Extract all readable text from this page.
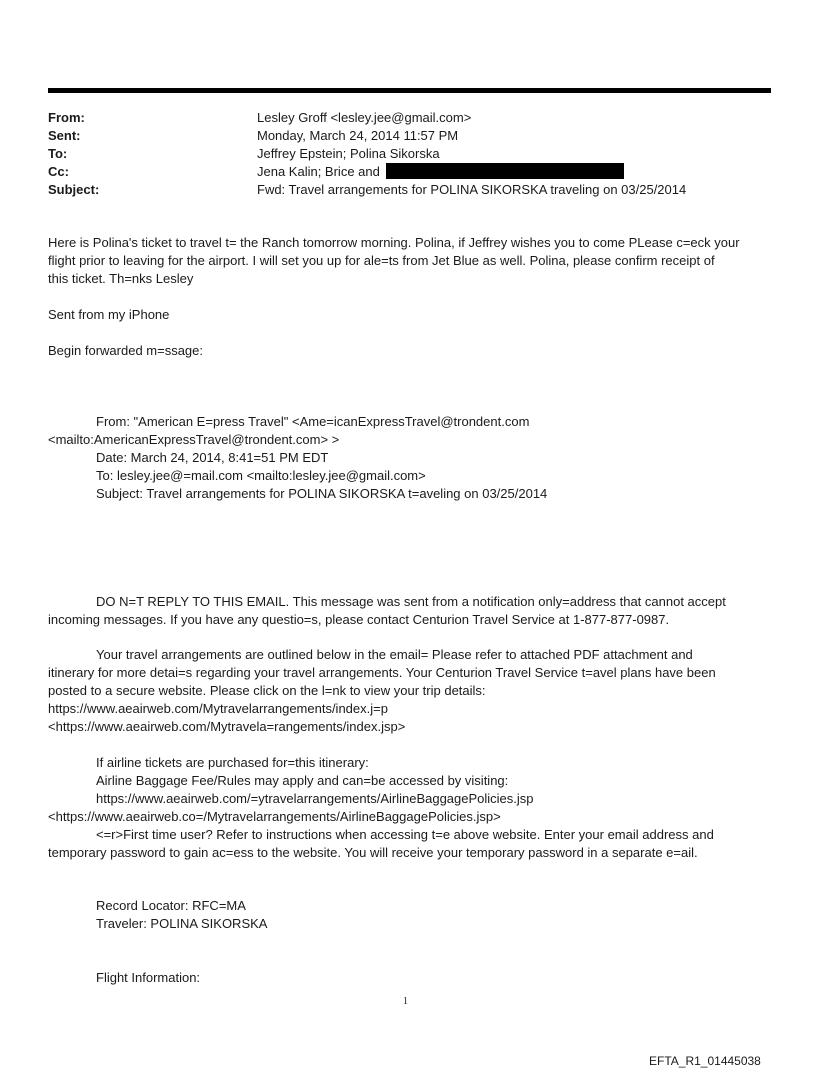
From:	Lesley Groff <lesley.jee@gmail.com>
Sent:	Monday, March 24, 2014 11:57 PM
To:	Jeffrey Epstein; Polina Sikorska
Cc:	Jena Kalin; Brice and
Subject:	Fwd: Travel arrangements for POLINA SIKORSKA traveling on 03/25/2014
Here is Polina's ticket to travel t= the Ranch tomorrow morning. Polina, if Jeffrey wishes you to come PLease c=eck your
flight prior to leaving for the airport. I will set you up for ale=ts from Jet Blue as well. Polina, please confirm receipt of
this ticket. Th=nks Lesley
Sent from my iPhone
Begin forwarded m=ssage:
From: "American E=press Travel" <Ame=icanExpressTravel@trondent.com
<mailto:AmericanExpressTravel@trondent.com> >
Date: March 24, 2014, 8:41=51 PM EDT
To: lesley.jee@=mail.com <mailto:lesley.jee@gmail.com>
Subject: Travel arrangements for POLINA SIKORSKA t=aveling on 03/25/2014
DO N=T REPLY TO THIS EMAIL. This message was sent from a notification only=address that cannot accept
incoming messages. If you have any questio=s, please contact Centurion Travel Service at 1-877-877-0987.
Your travel arrangements are outlined below in the email= Please refer to attached PDF attachment and
itinerary for more detai=s regarding your travel arrangements. Your Centurion Travel Service t=avel plans have been
posted to a secure website. Please click on the l=nk to view your trip details:
https://www.aeairweb.com/Mytravelarrangements/index.j=p
<https://www.aeairweb.com/Mytravela=rangements/index.jsp>
If airline tickets are purchased for=this itinerary:
Airline Baggage Fee/Rules may apply and can=be accessed by visiting:
https://www.aeairweb.com/=ytravelarrangements/AirlineBaggagePolicies.jsp
<https://www.aeairweb.co=/Mytravelarrangements/AirlineBaggagePolicies.jsp>
<=r>First time user? Refer to instructions when accessing t=e above website. Enter your email address and
temporary password to gain ac=ess to the website. You will receive your temporary password in a separate e=ail.
Record Locator: RFC=MA
Traveler: POLINA SIKORSKA
Flight Information:
1
EFTA_R1_01445038
